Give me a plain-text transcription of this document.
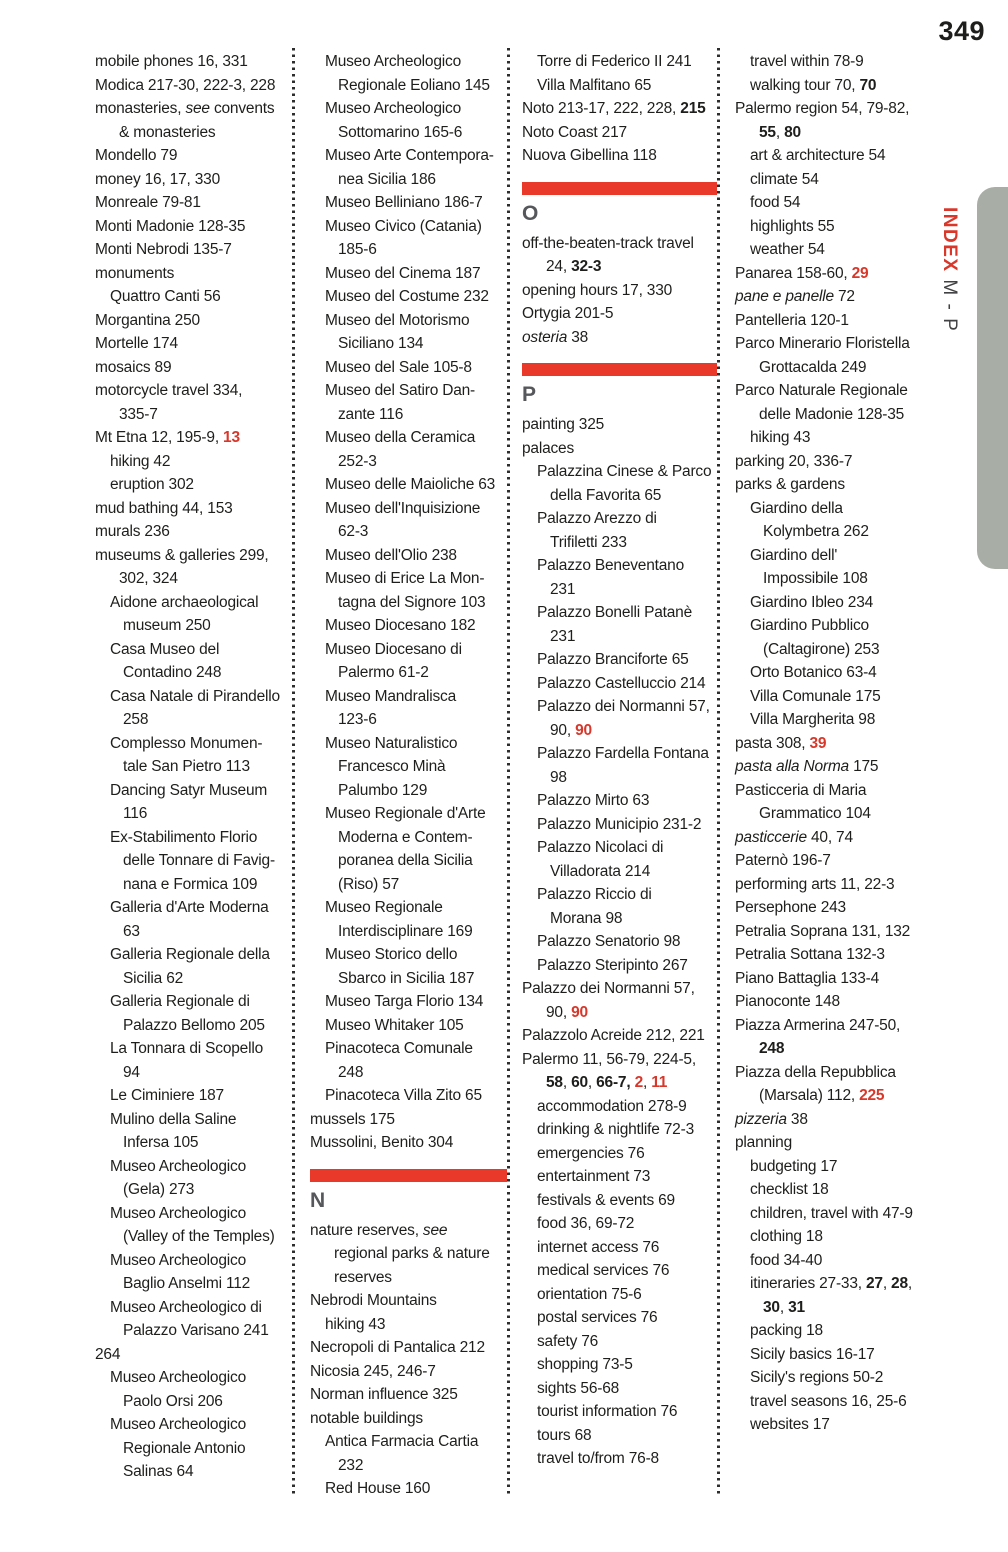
349
INDEX M - P
mobile phones 16, 331
Modica 217-30, 222-3, 228
monasteries, see convents
& monasteries
Mondello 79
money 16, 17, 330
Monreale 79-81
Monti Madonie 128-35
Monti Nebrodi 135-7
monuments
Quattro Canti 56
Morgantina 250
Mortelle 174
mosaics 89
motorcycle travel 334,
335-7
Mt Etna 12, 195-9, 13
hiking 42
eruption 302
mud bathing 44, 153
murals 236
museums & galleries 299,
302, 324
Aidone archaeological
museum 250
Casa Museo del
Contadino 248
Casa Natale di Pirandello
258
Complesso Monumen-
tale San Pietro 113
Dancing Satyr Museum
116
Ex-Stabilimento Florio
delle Tonnare di Favig-
nana e Formica 109
Galleria d'Arte Moderna
63
Galleria Regionale della
Sicilia 62
Galleria Regionale di
Palazzo Bellomo 205
La Tonnara di Scopello
94
Le Ciminiere 187
Mulino della Saline
Infersa 105
Museo Archeologico
(Gela) 273
Museo Archeologico
(Valley of the Temples)
Museo Archeologico
Baglio Anselmi 112
Museo Archeologico di
Palazzo Varisano 241
264
Museo Archeologico
Paolo Orsi 206
Museo Archeologico
Regionale Antonio
Salinas 64
Museo Archeologico
Regionale Eoliano 145
Museo Archeologico
Sottomarino 165-6
Museo Arte Contempora-
nea Sicilia 186
Museo Belliniano 186-7
Museo Civico (Catania)
185-6
Museo del Cinema 187
Museo del Costume 232
Museo del Motorismo
Siciliano 134
Museo del Sale 105-8
Museo del Satiro Dan-
zante 116
Museo della Ceramica
252-3
Museo delle Maioliche 63
Museo dell'Inquisizione
62-3
Museo dell'Olio 238
Museo di Erice La Mon-
tagna del Signore 103
Museo Diocesano 182
Museo Diocesano di
Palermo 61-2
Museo Mandralisca
123-6
Museo Naturalistico
Francesco Minà
Palumbo 129
Museo Regionale d'Arte
Moderna e Contem-
poranea della Sicilia
(Riso) 57
Museo Regionale
Interdisciplinare 169
Museo Storico dello
Sbarco in Sicilia 187
Museo Targa Florio 134
Museo Whitaker 105
Pinacoteca Comunale
248
Pinacoteca Villa Zito 65
mussels 175
Mussolini, Benito 304
N
nature reserves, see
regional parks & nature
reserves
Nebrodi Mountains
hiking 43
Necropoli di Pantalica 212
Nicosia 245, 246-7
Norman influence 325
notable buildings
Antica Farmacia Cartia
232
Red House 160
Torre di Federico II 241
Villa Malfitano 65
Noto 213-17, 222, 228, 215
Noto Coast 217
Nuova Gibellina 118
O
off-the-beaten-track travel
24, 32-3
opening hours 17, 330
Ortygia 201-5
osteria 38
P
painting 325
palaces
Palazzina Cinese & Parco
della Favorita 65
Palazzo Arezzo di
Trifiletti 233
Palazzo Beneventano
231
Palazzo Bonelli Patanè
231
Palazzo Branciforte 65
Palazzo Castelluccio 214
Palazzo dei Normanni 57,
90, 90
Palazzo Fardella Fontana
98
Palazzo Mirto 63
Palazzo Municipio 231-2
Palazzo Nicolaci di
Villadorata 214
Palazzo Riccio di
Morana 98
Palazzo Senatorio 98
Palazzo Steripinto 267
Palazzo dei Normanni 57,
90, 90
Palazzolo Acreide 212, 221
Palermo 11, 56-79, 224-5,
58, 60, 66-7, 2, 11
accommodation 278-9
drinking & nightlife 72-3
emergencies 76
entertainment 73
festivals & events 69
food 36, 69-72
internet access 76
medical services 76
orientation 75-6
postal services 76
safety 76
shopping 73-5
sights 56-68
tourist information 76
tours 68
travel to/from 76-8
travel within 78-9
walking tour 70, 70
Palermo region 54, 79-82,
55, 80
art & architecture 54
climate 54
food 54
highlights 55
weather 54
Panarea 158-60, 29
pane e panelle 72
Pantelleria 120-1
Parco Minerario Floristella
Grottacalda 249
Parco Naturale Regionale
delle Madonie 128-35
hiking 43
parking 20, 336-7
parks & gardens
Giardino della
Kolymbetra 262
Giardino dell'
Impossibile 108
Giardino Ibleo 234
Giardino Pubblico
(Caltagirone) 253
Orto Botanico 63-4
Villa Comunale 175
Villa Margherita 98
pasta 308, 39
pasta alla Norma 175
Pasticceria di Maria
Grammatico 104
pasticcerie 40, 74
Paternò 196-7
performing arts 11, 22-3
Persephone 243
Petralia Soprana 131, 132
Petralia Sottana 132-3
Piano Battaglia 133-4
Pianoconte 148
Piazza Armerina 247-50,
248
Piazza della Repubblica
(Marsala) 112, 225
pizzeria 38
planning
budgeting 17
checklist 18
children, travel with 47-9
clothing 18
food 34-40
itineraries 27-33, 27, 28,
30, 31
packing 18
Sicily basics 16-17
Sicily's regions 50-2
travel seasons 16, 25-6
websites 17
